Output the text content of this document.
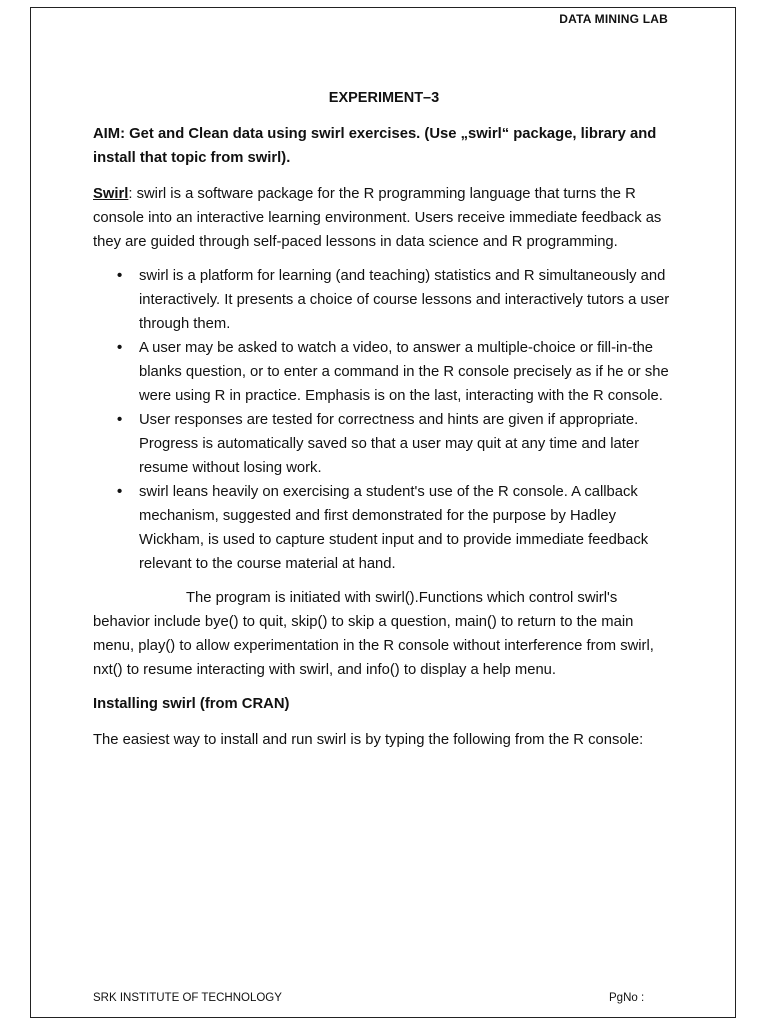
DATA MINING LAB
EXPERIMENT–3

AIM: Get and Clean data using swirl exercises. (Use „swirl“ package, library and install that topic from swirl).

Swirl: swirl is a software package for the R programming language that turns the R console into an interactive learning environment. Users receive immediate feedback as they are guided through self-paced lessons in data science and R programming.

• swirl is a platform for learning (and teaching) statistics and R simultaneously and interactively. It presents a choice of course lessons and interactively tutors a user through them.
• A user may be asked to watch a video, to answer a multiple-choice or fill-in-the blanks question, or to enter a command in the R console precisely as if he or she were using R in practice. Emphasis is on the last, interacting with the R console.
• User responses are tested for correctness and hints are given if appropriate. Progress is automatically saved so that a user may quit at any time and later resume without losing work.
• swirl leans heavily on exercising a student's use of the R console. A callback mechanism, suggested and first demonstrated for the purpose by Hadley Wickham, is used to capture student input and to provide immediate feedback relevant to the course material at hand.

The program is initiated with swirl().Functions which control swirl's behavior include bye() to quit, skip() to skip a question, main() to return to the main menu, play() to allow experimentation in the R console without interference from swirl, nxt() to resume interacting with swirl, and info() to display a help menu.

Installing swirl (from CRAN)

The easiest way to install and run swirl is by typing the following from the R console:

SRK INSTITUTE OF TECHNOLOGY	PgNo :
